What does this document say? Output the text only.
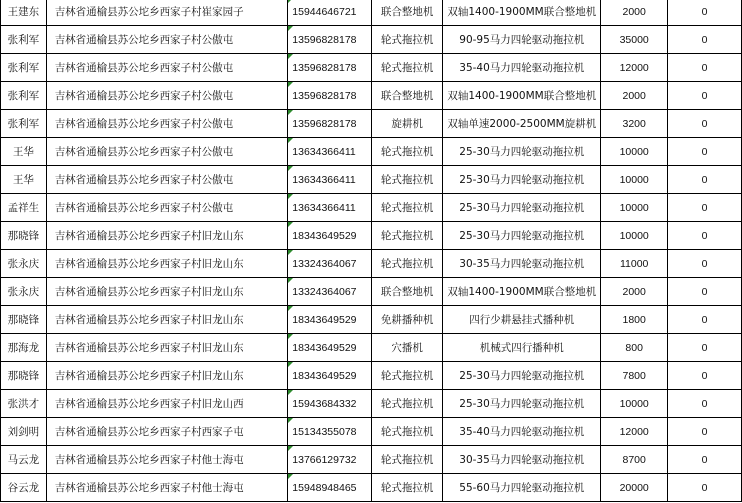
王建东	吉林省通榆县苏公坨乡西家子村崔家园子	15944646721	联合整地机	双轴1400-1900MM联合整地机	2000	0
张利军	吉林省通榆县苏公坨乡西家子村公傲屯	13596828178	轮式拖拉机	90-95马力四轮驱动拖拉机	35000	0
张利军	吉林省通榆县苏公坨乡西家子村公傲屯	13596828178	轮式拖拉机	35-40马力四轮驱动拖拉机	12000	0
张利军	吉林省通榆县苏公坨乡西家子村公傲屯	13596828178	联合整地机	双轴1400-1900MM联合整地机	2000	0
张利军	吉林省通榆县苏公坨乡西家子村公傲屯	13596828178	旋耕机	双轴单速2000-2500MM旋耕机	3200	0
王华	吉林省通榆县苏公坨乡西家子村公傲屯	13634366411	轮式拖拉机	25-30马力四轮驱动拖拉机	10000	0
王华	吉林省通榆县苏公坨乡西家子村公傲屯	13634366411	轮式拖拉机	25-30马力四轮驱动拖拉机	10000	0
孟祥生	吉林省通榆县苏公坨乡西家子村公傲屯	13634366411	轮式拖拉机	25-30马力四轮驱动拖拉机	10000	0
那晓锋	吉林省通榆县苏公坨乡西家子村旧龙山东	18343649529	轮式拖拉机	25-30马力四轮驱动拖拉机	10000	0
张永庆	吉林省通榆县苏公坨乡西家子村旧龙山东	13324364067	轮式拖拉机	30-35马力四轮驱动拖拉机	11000	0
张永庆	吉林省通榆县苏公坨乡西家子村旧龙山东	13324364067	联合整地机	双轴1400-1900MM联合整地机	2000	0
那晓锋	吉林省通榆县苏公坨乡西家子村旧龙山东	18343649529	免耕播种机	四行少耕悬挂式播种机	1800	0
那海龙	吉林省通榆县苏公坨乡西家子村旧龙山东	18343649529	穴播机	机械式四行播种机	800	0
那晓锋	吉林省通榆县苏公坨乡西家子村旧龙山东	18343649529	轮式拖拉机	25-30马力四轮驱动拖拉机	7800	0
张洪才	吉林省通榆县苏公坨乡西家子村旧龙山西	15943684332	轮式拖拉机	25-30马力四轮驱动拖拉机	10000	0
刘剑明	吉林省通榆县苏公坨乡西家子村西家子屯	15134355078	轮式拖拉机	35-40马力四轮驱动拖拉机	12000	0
马云龙	吉林省通榆县苏公坨乡西家子村他士海屯	13766129732	轮式拖拉机	30-35马力四轮驱动拖拉机	8700	0
谷云龙	吉林省通榆县苏公坨乡西家子村他士海屯	15948948465	轮式拖拉机	55-60马力四轮驱动拖拉机	20000	0
